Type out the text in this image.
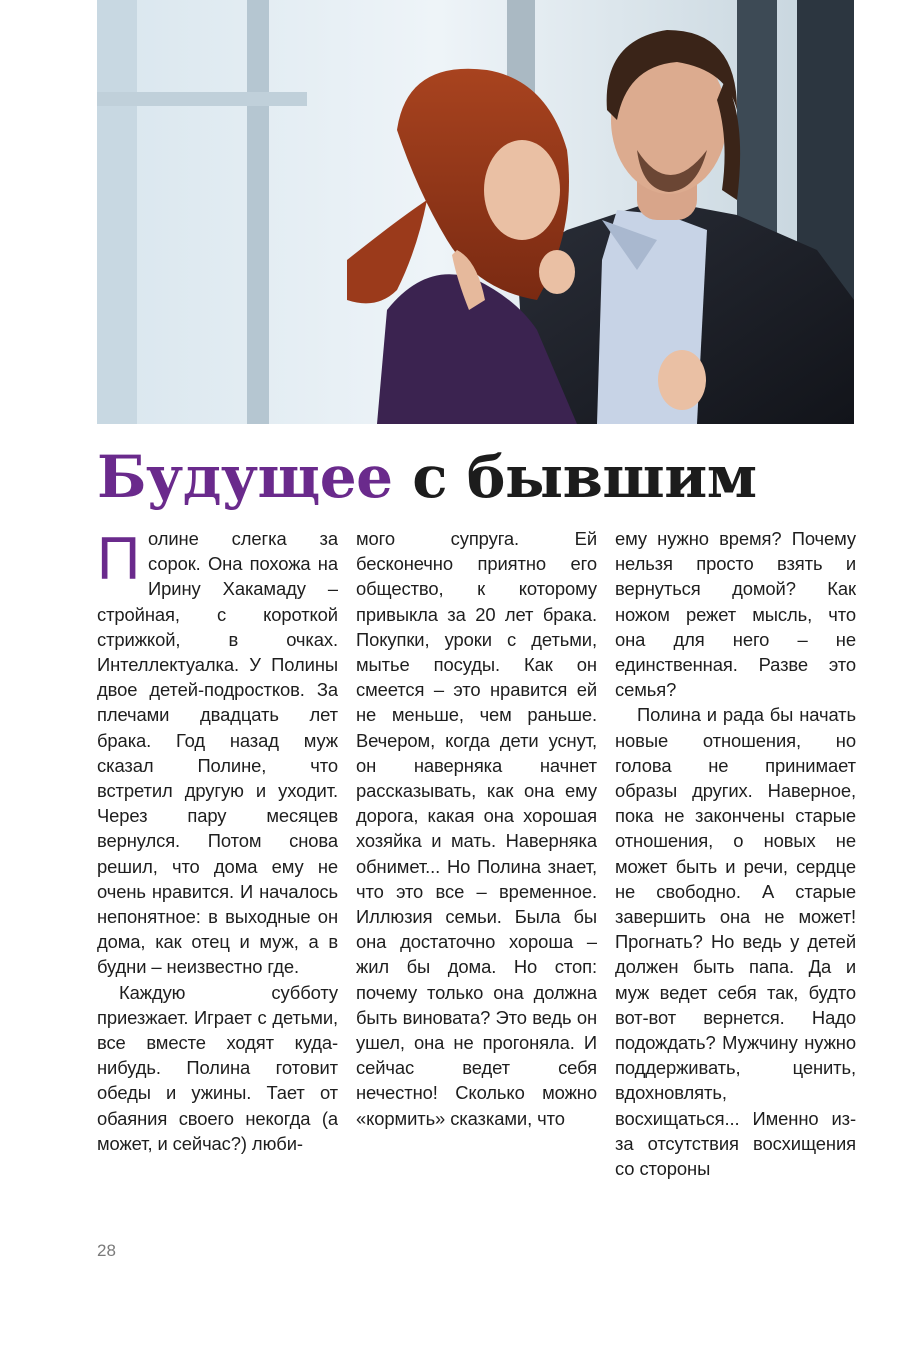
Будущее с бывшим

Полине слегка за сорок. Она похожа на Ирину Хакамаду – стройная, с короткой стрижкой, в очках. Интеллектуалка. У Полины двое детей-подростков. За плечами двадцать лет брака. Год назад муж сказал Полине, что встретил другую и уходит. Через пару месяцев вернулся. Потом снова решил, что дома ему не очень нравится. И началось непонятное: в выходные он дома, как отец и муж, а в будни – неизвестно где.

Каждую субботу приезжает. Играет с детьми, все вместе ходят куда-нибудь. Полина готовит обеды и ужины. Тает от обаяния своего некогда (а может, и сейчас?) люби-

мого супруга. Ей бесконечно приятно его общество, к которому привыкла за 20 лет брака. Покупки, уроки с детьми, мытье посуды. Как он смеется – это нравится ей не меньше, чем раньше. Вечером, когда дети уснут, он наверняка начнет рассказывать, как она ему дорога, какая она хорошая хозяйка и мать. Наверняка обнимет... Но Полина знает, что это все – временное. Иллюзия семьи. Была бы она достаточно хороша – жил бы дома. Но стоп: почему только она должна быть виновата? Это ведь он ушел, она не прогоняла. И сейчас ведет себя нечестно! Сколько можно «кормить» сказками, что

ему нужно время? Почему нельзя просто взять и вернуться домой? Как ножом режет мысль, что она для него – не единственная. Разве это семья?

Полина и рада бы начать новые отношения, но голова не принимает образы других. Наверное, пока не закончены старые отношения, о новых не может быть и речи, сердце не свободно. А старые завершить она не может! Прогнать? Но ведь у детей должен быть папа. Да и муж ведет себя так, будто вот-вот вернется. Надо подождать? Мужчину нужно поддерживать, ценить, вдохновлять, восхищаться... Именно из-за отсутствия восхищения со стороны

28
